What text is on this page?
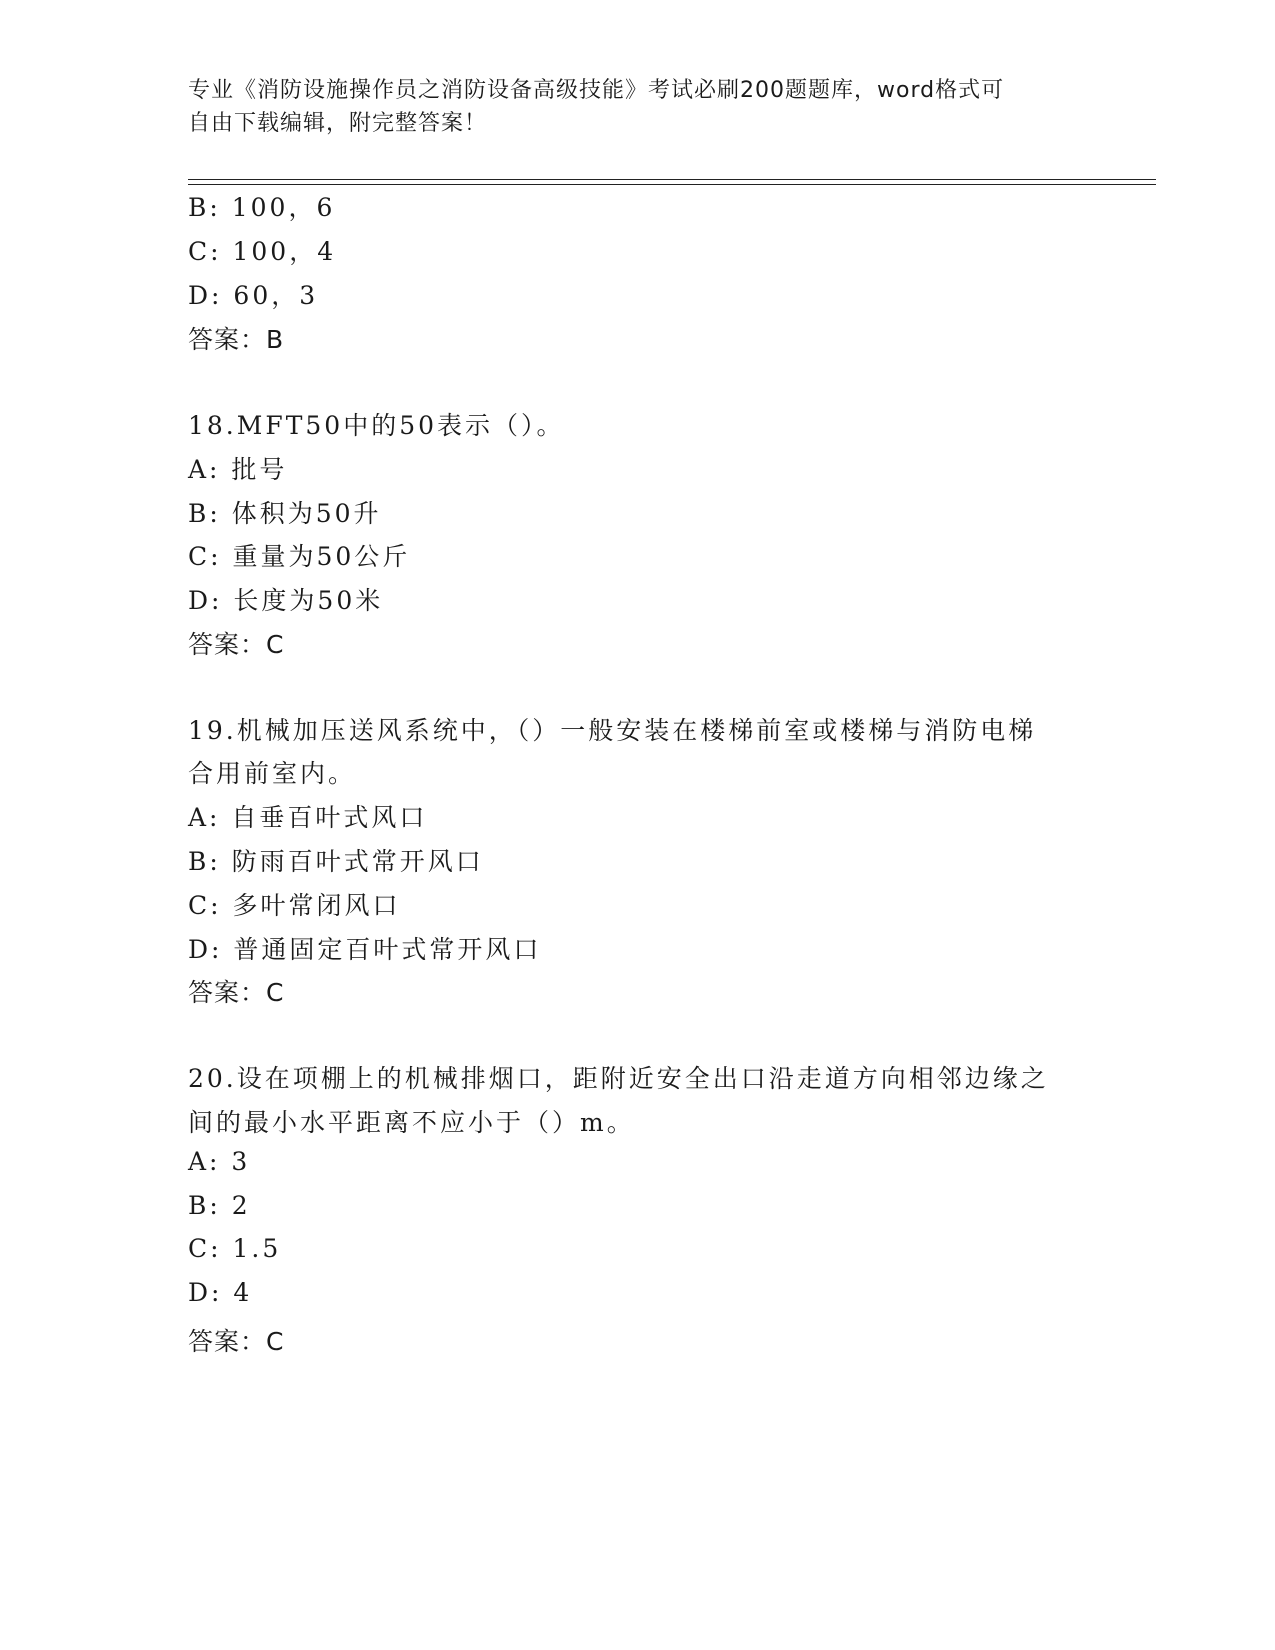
专业《消防设施操作员之消防设备高级技能》考试必刷200题题库，word格式可
自由下载编辑，附完整答案！
B: 100，6
C: 100，4
D: 60，3
答案：B
18.MFT50中的50表示（）。
A: 批号
B: 体积为50升
C: 重量为50公斤
D: 长度为50米
答案：C
19.机械加压送风系统中，（）一般安装在楼梯前室或楼梯与消防电梯
合用前室内。
A: 自垂百叶式风口
B: 防雨百叶式常开风口
C: 多叶常闭风口
D: 普通固定百叶式常开风口
答案：C
20.设在项棚上的机械排烟口，距附近安全出口沿走道方向相邻边缘之
间的最小水平距离不应小于（）m。
A: 3
B: 2
C: 1.5
D: 4
答案：C
